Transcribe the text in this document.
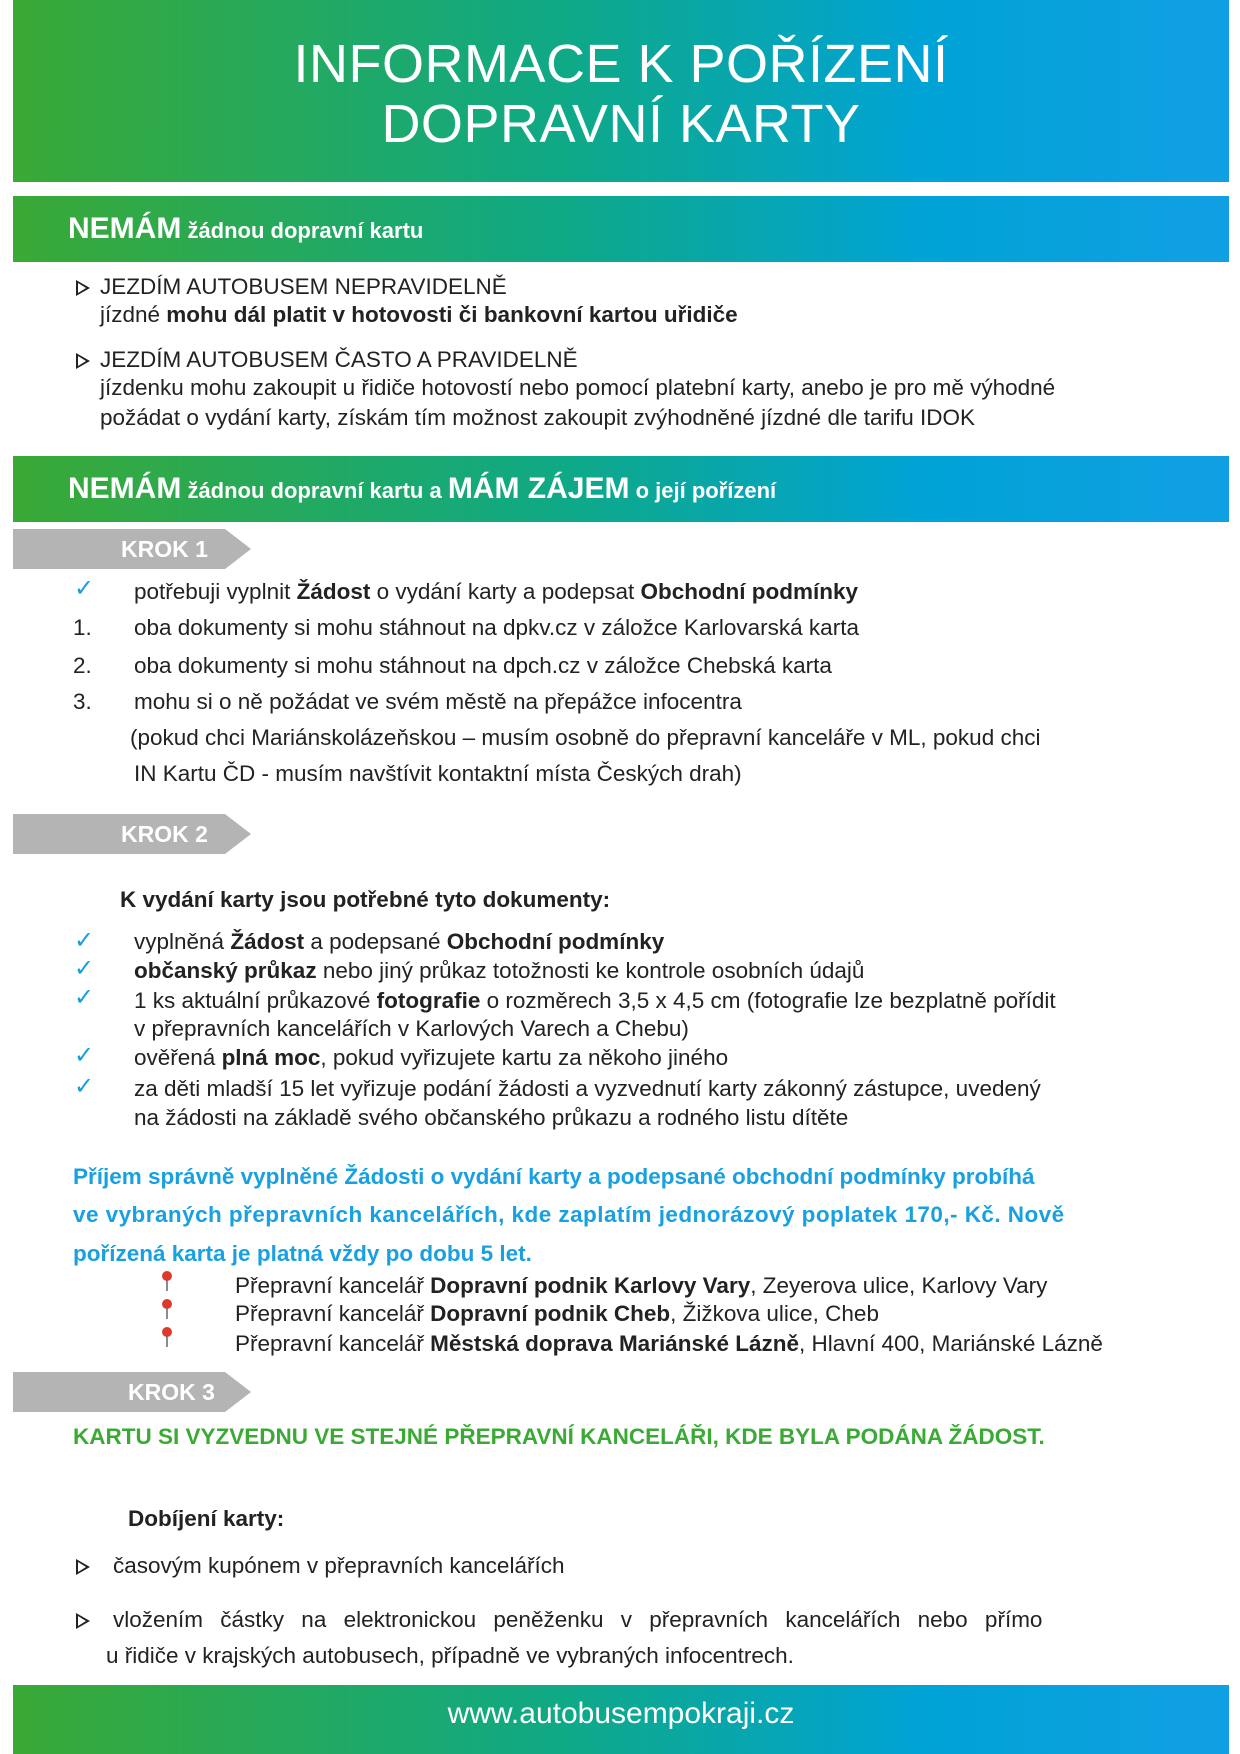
INFORMACE K POŘÍZENÍ
DOPRAVNÍ KARTY
NEMÁM žádnou dopravní kartu
JEZDÍM AUTOBUSEM NEPRAVIDELNĚ
jízdné mohu dál platit v hotovosti či bankovní kartou uřidiče
JEZDÍM AUTOBUSEM ČASTO A PRAVIDELNĚ
jízdenku mohu zakoupit u řidiče hotovostí nebo pomocí platební karty, anebo je pro mě výhodné
požádat o vydání karty, získám tím možnost zakoupit zvýhodněné jízdné dle tarifu IDOK
NEMÁM žádnou dopravní kartu a MÁM ZÁJEM o její pořízení
KROK 1
✓ potřebuji vyplnit Žádost o vydání karty a podepsat Obchodní podmínky
1. oba dokumenty si mohu stáhnout na dpkv.cz v záložce Karlovarská karta
2. oba dokumenty si mohu stáhnout na dpch.cz v záložce Chebská karta
3. mohu si o ně požádat ve svém městě na přepážce infocentra
(pokud chci Mariánskolázeňskou – musím osobně do přepravní kanceláře v ML, pokud chci
IN Kartu ČD - musím navštívit kontaktní místa Českých drah)
KROK 2
K vydání karty jsou potřebné tyto dokumenty:
✓ vyplněná Žádost a podepsané Obchodní podmínky
✓ občanský průkaz nebo jiný průkaz totožnosti ke kontrole osobních údajů
✓ 1 ks aktuální průkazové fotografie o rozměrech 3,5 x 4,5 cm (fotografie lze bezplatně pořídit
v přepravních kancelářích v Karlových Varech a Chebu)
✓ ověřená plná moc, pokud vyřizujete kartu za někoho jiného
✓ za děti mladší 15 let vyřizuje podání žádosti a vyzvednutí karty zákonný zástupce, uvedený
na žádosti na základě svého občanského průkazu a rodného listu dítěte
Příjem správně vyplněné Žádosti o vydání karty a podepsané obchodní podmínky probíhá
ve vybraných přepravních kancelářích, kde zaplatím jednorázový poplatek 170,- Kč. Nově
pořízená karta je platná vždy po dobu 5 let.
Přepravní kancelář Dopravní podnik Karlovy Vary, Zeyerova ulice, Karlovy Vary
Přepravní kancelář Dopravní podnik Cheb, Žižkova ulice, Cheb
Přepravní kancelář Městská doprava Mariánské Lázně, Hlavní 400, Mariánské Lázně
KROK 3
KARTU SI VYZVEDNU VE STEJNÉ PŘEPRAVNÍ KANCELÁŘI, KDE BYLA PODÁNA ŽÁDOST.
Dobíjení karty:
časovým kupónem v přepravních kancelářích
vložením částky na elektronickou peněženku v přepravních kancelářích nebo přímo
u řidiče v krajských autobusech, případně ve vybraných infocentrech.
www.autobusempokraji.cz
